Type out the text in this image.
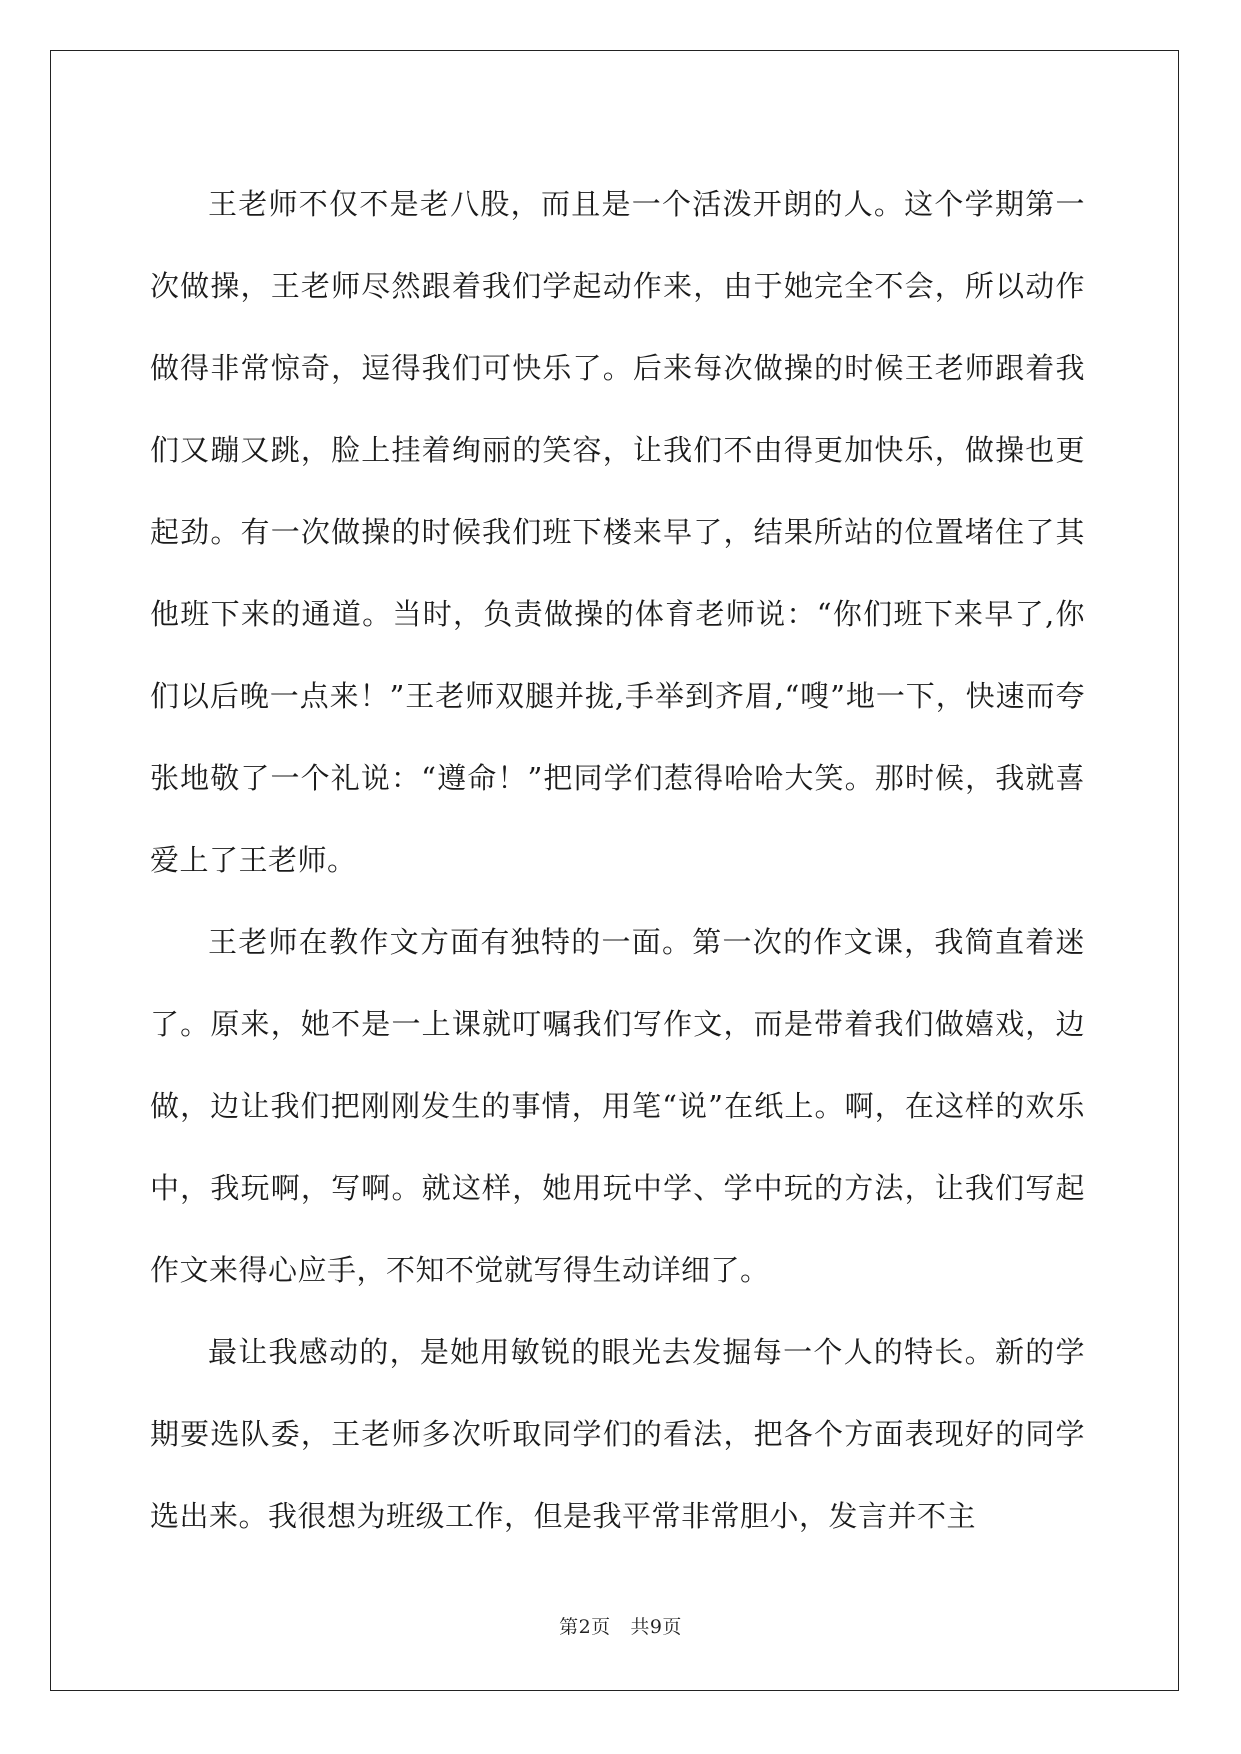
王老师不仅不是老八股，而且是一个活泼开朗的人。这个学期第一次做操，王老师尽然跟着我们学起动作来，由于她完全不会，所以动作做得非常惊奇，逗得我们可快乐了。后来每次做操的时候王老师跟着我们又蹦又跳，脸上挂着绚丽的笑容，让我们不由得更加快乐，做操也更起劲。有一次做操的时候我们班下楼来早了，结果所站的位置堵住了其他班下来的通道。当时，负责做操的体育老师说：“你们班下来早了,你们以后晚一点来！”王老师双腿并拢,手举到齐眉,“嗖”地一下，快速而夸张地敬了一个礼说：“遵命！”把同学们惹得哈哈大笑。那时候，我就喜爱上了王老师。

王老师在教作文方面有独特的一面。第一次的作文课，我简直着迷了。原来，她不是一上课就叮嘱我们写作文，而是带着我们做嬉戏，边做，边让我们把刚刚发生的事情，用笔“说”在纸上。啊，在这样的欢乐中，我玩啊，写啊。就这样，她用玩中学、学中玩的方法，让我们写起作文来得心应手，不知不觉就写得生动详细了。

最让我感动的，是她用敏锐的眼光去发掘每一个人的特长。新的学期要选队委，王老师多次听取同学们的看法，把各个方面表现好的同学选出来。我很想为班级工作，但是我平常非常胆小，发言并不主

第2页 共9页
